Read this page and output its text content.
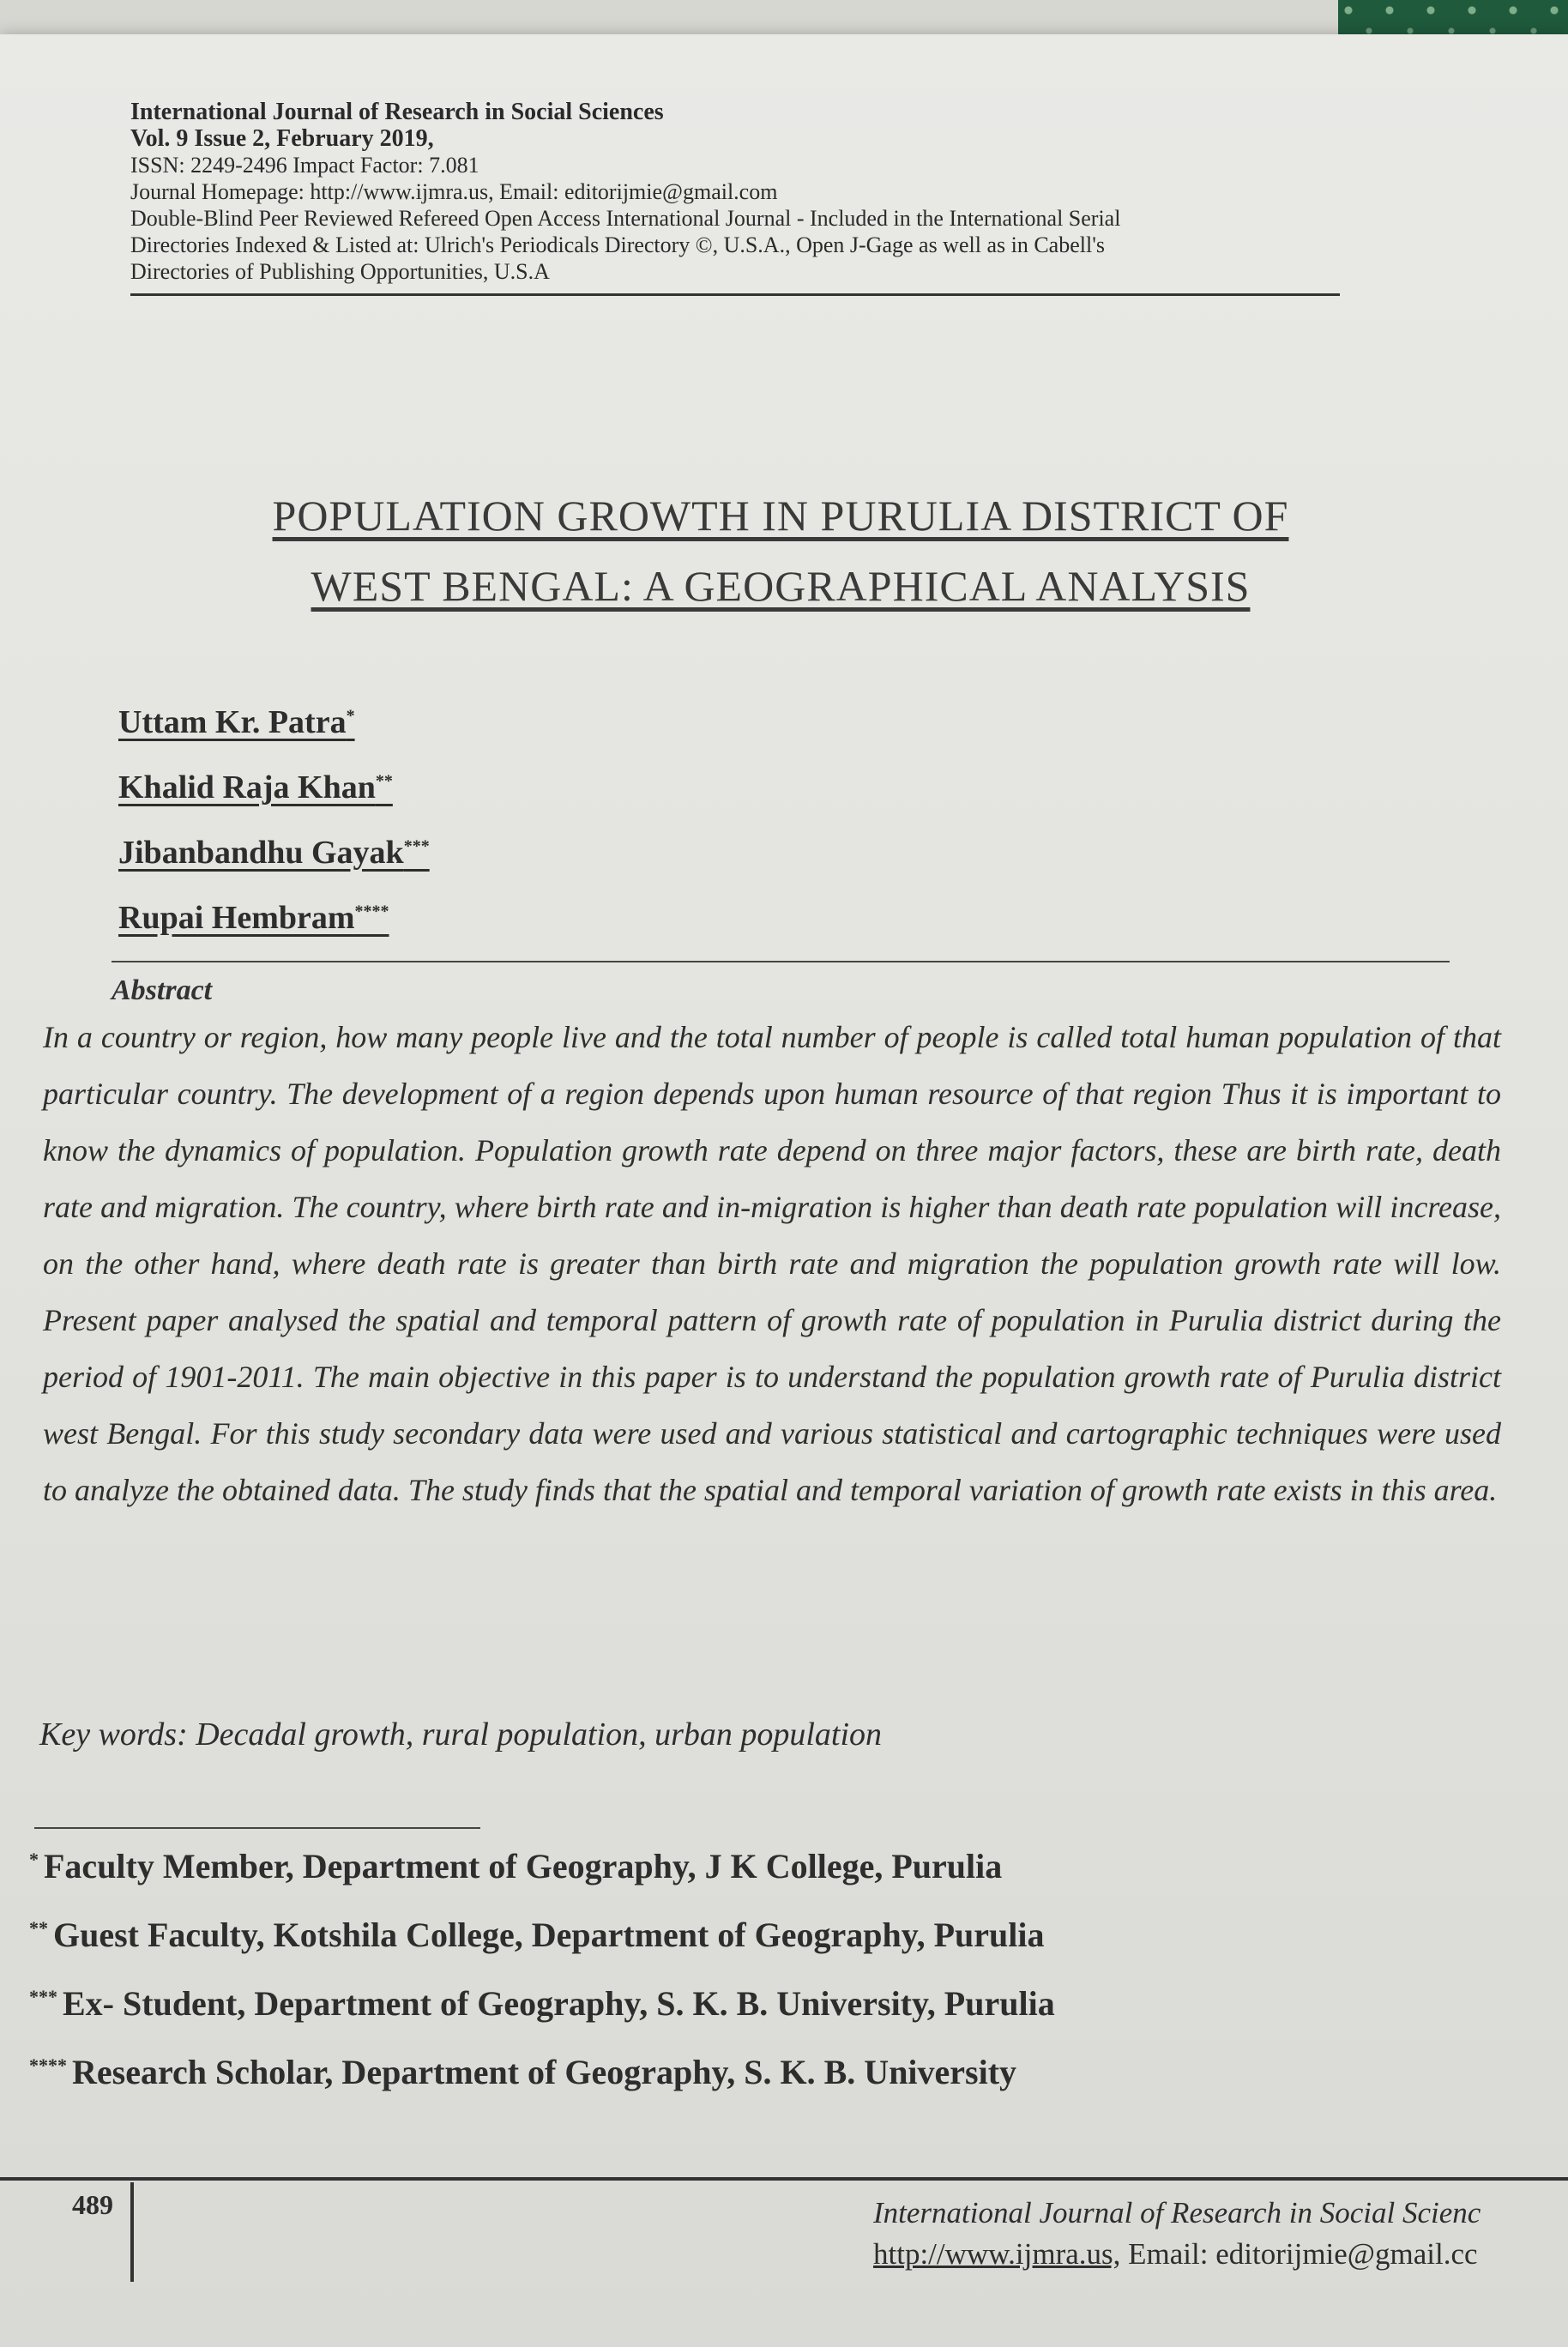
International Journal of Research in Social Sciences
Vol. 9 Issue 2, February 2019,
ISSN: 2249-2496 Impact Factor: 7.081
Journal Homepage: http://www.ijmra.us, Email: editorijmie@gmail.com
Double-Blind Peer Reviewed Refereed Open Access International Journal - Included in the International Serial
Directories Indexed & Listed at: Ulrich's Periodicals Directory ©, U.S.A., Open J-Gage as well as in Cabell's
Directories of Publishing Opportunities, U.S.A
POPULATION GROWTH IN PURULIA DISTRICT OF
WEST BENGAL: A GEOGRAPHICAL ANALYSIS
Uttam Kr. Patra*
Khalid Raja Khan**
Jibanbandhu Gayak***
Rupai Hembram****
Abstract
In a country or region, how many people live and the total number of people is called total human population of that particular country. The development of a region depends upon human resource of that region Thus it is important to know the dynamics of population. Population growth rate depend on three major factors, these are birth rate, death rate and migration. The country, where birth rate and in-migration is higher than death rate population will increase, on the other hand, where death rate is greater than birth rate and migration the population growth rate will low. Present paper analysed the spatial and temporal pattern of growth rate of population in Purulia district during the period of 1901-2011. The main objective in this paper is to understand the population growth rate of Purulia district west Bengal. For this study secondary data were used and various statistical and cartographic techniques were used to analyze the obtained data. The study finds that the spatial and temporal variation of growth rate exists in this area.
Key words: Decadal growth, rural population, urban population
* Faculty Member, Department of Geography, J K College, Purulia
** Guest Faculty, Kotshila College, Department of Geography, Purulia
*** Ex- Student, Department of Geography, S. K. B. University, Purulia
**** Research Scholar, Department of Geography, S. K. B. University
489	International Journal of Research in Social Scienc
http://www.ijmra.us, Email: editorijmie@gmail.cc
